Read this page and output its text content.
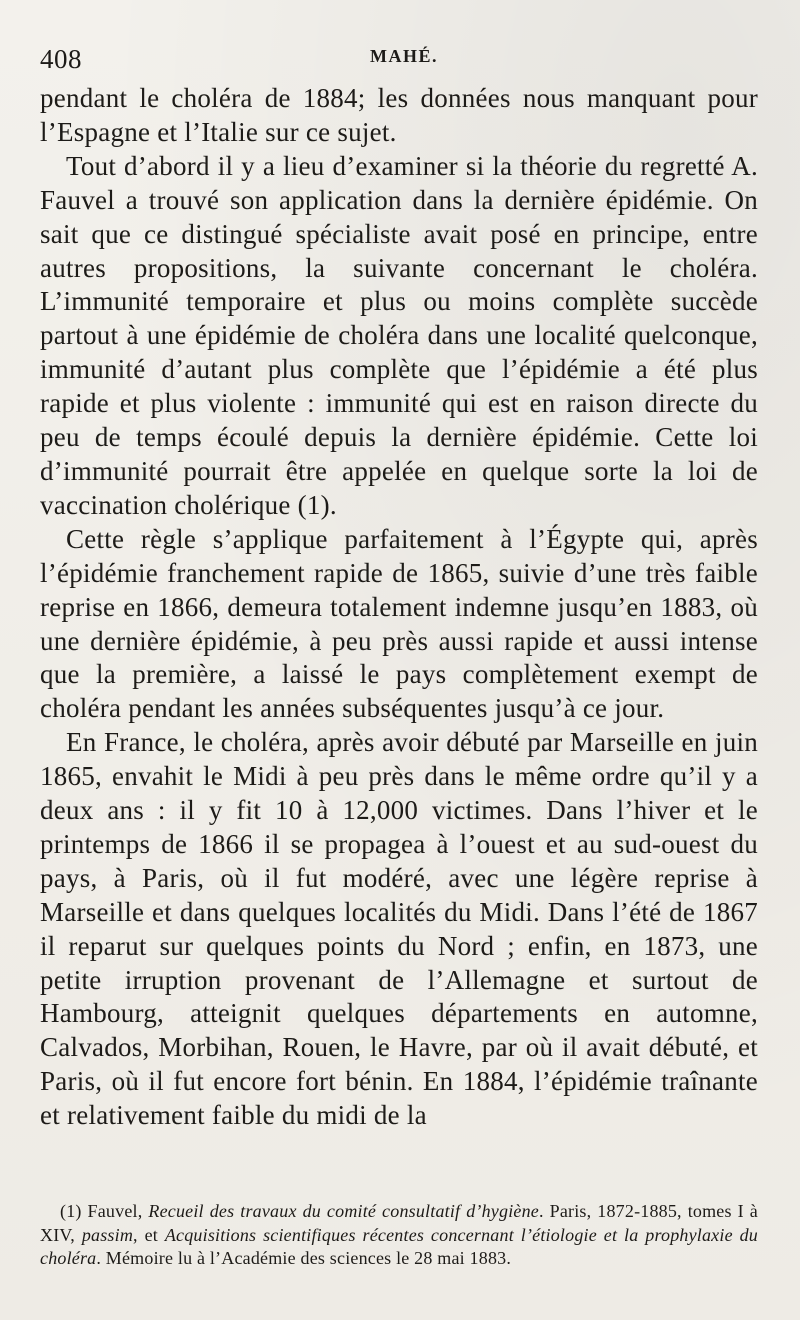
408	MAHÉ.

pendant le choléra de 1884; les données nous manquant pour l’Espagne et l’Italie sur ce sujet.

Tout d’abord il y a lieu d’examiner si la théorie du regretté A. Fauvel a trouvé son application dans la dernière épidémie. On sait que ce distingué spécialiste avait posé en principe, entre autres propositions, la suivante concernant le choléra. L’immunité temporaire et plus ou moins complète succède partout à une épidémie de choléra dans une localité quelconque, immunité d’autant plus complète que l’épidémie a été plus rapide et plus violente : immunité qui est en raison directe du peu de temps écoulé depuis la dernière épidémie. Cette loi d’immunité pourrait être appelée en quelque sorte la loi de vaccination cholérique (1).

Cette règle s’applique parfaitement à l’Égypte qui, après l’épidémie franchement rapide de 1865, suivie d’une très faible reprise en 1866, demeura totalement indemne jusqu’en 1883, où une dernière épidémie, à peu près aussi rapide et aussi intense que la première, a laissé le pays complètement exempt de choléra pendant les années subséquentes jusqu’à ce jour.

En France, le choléra, après avoir débuté par Marseille en juin 1865, envahit le Midi à peu près dans le même ordre qu’il y a deux ans : il y fit 10 à 12,000 victimes. Dans l’hiver et le printemps de 1866 il se propagea à l’ouest et au sud-ouest du pays, à Paris, où il fut modéré, avec une légère reprise à Marseille et dans quelques localités du Midi. Dans l’été de 1867 il reparut sur quelques points du Nord ; enfin, en 1873, une petite irruption provenant de l’Allemagne et surtout de Hambourg, atteignit quelques départements en automne, Calvados, Morbihan, Rouen, le Havre, par où il avait débuté, et Paris, où il fut encore fort bénin. En 1884, l’épidémie traînante et relativement faible du midi de la

(1) Fauvel, Recueil des travaux du comité consultatif d’hygiène. Paris, 1872-1885, tomes I à XIV, passim, et Acquisitions scientifiques récentes concernant l’étiologie et la prophylaxie du choléra. Mémoire lu à l’Académie des sciences le 28 mai 1883.
